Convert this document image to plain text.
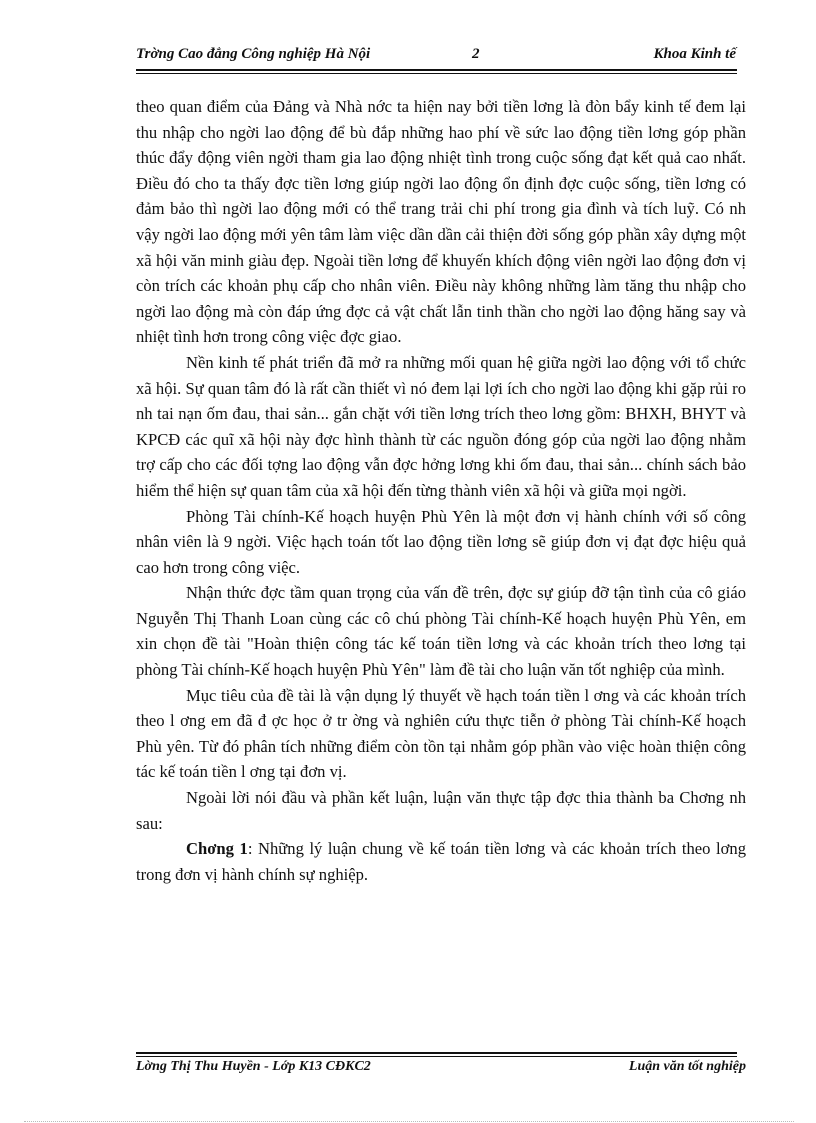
Trờng Cao đẳng Công nghiệp Hà Nội	2	Khoa Kinh tế

theo quan điểm của Đảng và Nhà nớc ta hiện nay bởi tiền lơng là đòn bẩy kinh tế đem lại thu nhập cho ngời lao động để bù đắp những hao phí về sức lao động tiền lơng góp phần thúc đẩy động viên ngời tham gia lao động nhiệt tình trong cuộc sống đạt kết quả cao nhất. Điều đó cho ta thấy đợc tiền lơng giúp ngời lao động ổn định đợc cuộc sống, tiền lơng có đảm bảo thì ngời lao động mới có thể trang trải chi phí trong gia đình và tích luỹ. Có nh vậy ngời lao động mới yên tâm làm việc dần dần cải thiện đời sống góp phần xây dựng một xã hội văn minh giàu đẹp. Ngoài tiền lơng để khuyến khích động viên ngời lao động đơn vị còn trích các khoản phụ cấp cho nhân viên. Điều này không những làm tăng thu nhập cho ngời lao động mà còn đáp ứng đợc cả vật chất lẫn tinh thần cho ngời lao động hăng say và nhiệt tình hơn trong công việc đợc giao.

Nền kinh tế phát triển đã mở ra những mối quan hệ giữa ngời lao động với tổ chức xã hội. Sự quan tâm đó là rất cần thiết vì nó đem lại lợi ích cho ngời lao động khi gặp rủi ro nh tai nạn ốm đau, thai sản... gắn chặt với tiền lơng trích theo lơng gồm: BHXH, BHYT và KPCĐ các quĩ xã hội này đợc hình thành từ các nguồn đóng góp của ngời lao động nhằm trợ cấp cho các đối tợng lao động vẫn đợc hởng lơng khi ốm đau, thai sản... chính sách bảo hiểm thể hiện sự quan tâm của xã hội đến từng thành viên xã hội và giữa mọi ngời.

Phòng Tài chính-Kế hoạch huyện Phù Yên là một đơn vị hành chính với số công nhân viên là 9 ngời. Việc hạch toán tốt lao động tiền lơng sẽ giúp đơn vị đạt đợc hiệu quả cao hơn trong công việc.

Nhận thức đợc tầm quan trọng của vấn đề trên, đợc sự giúp đỡ tận tình của cô giáo Nguyễn Thị Thanh Loan cùng các cô chú phòng Tài chính-Kế hoạch huyện Phù Yên, em xin chọn đề tài "Hoàn thiện công tác kế toán tiền lơng và các khoản trích theo lơng tại phòng Tài chính-Kế hoạch huyện Phù Yên" làm đề tài cho luận văn tốt nghiệp của mình.

Mục tiêu của đề tài là vận dụng lý thuyết về hạch toán tiền l ơng và các khoản trích theo l ơng em đã đ ợc học ở tr ờng và nghiên cứu thực tiễn ở phòng Tài chính-Kế hoạch Phù yên. Từ đó phân tích những điểm còn tồn tại nhằm góp phần vào việc hoàn thiện công tác kế toán tiền l ơng tại đơn vị.

Ngoài lời nói đầu và phần kết luận, luận văn thực tập đợc thia thành ba Chơng nh sau:

Chơng 1: Những lý luận chung về kế toán tiền lơng và các khoản trích theo lơng trong đơn vị hành chính sự nghiệp.

Lờng Thị Thu Huyền - Lớp K13 CĐKC2	Luận văn tốt nghiệp
